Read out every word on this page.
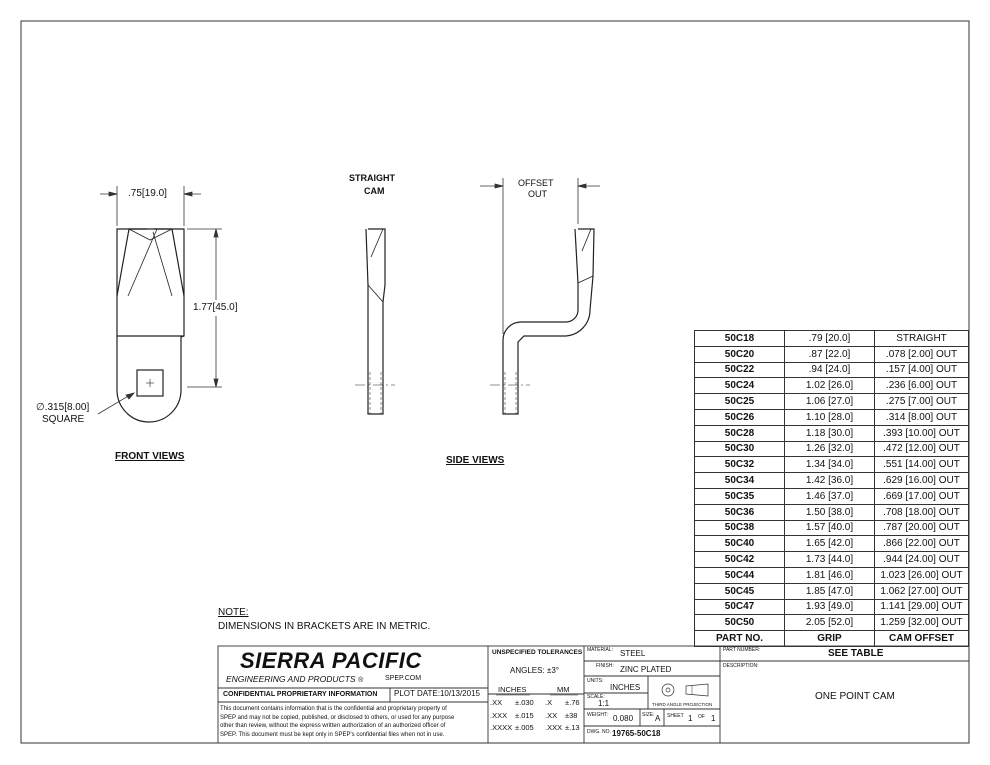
.75[19.0]
1.77[45.0]
∅.315[8.00]
SQUARE
FRONT VIEWS
STRAIGHT
CAM
OFFSET
OUT
SIDE VIEWS
NOTE:
DIMENSIONS IN BRACKETS ARE IN METRIC.
50C18	.79 [20.0]	STRAIGHT
50C20	.87 [22.0]	.078 [2.00] OUT
50C22	.94 [24.0]	.157 [4.00] OUT
50C24	1.02 [26.0]	.236 [6.00] OUT
50C25	1.06 [27.0]	.275 [7.00] OUT
50C26	1.10 [28.0]	.314 [8.00] OUT
50C28	1.18 [30.0]	.393 [10.00] OUT
50C30	1.26 [32.0]	.472 [12.00] OUT
50C32	1.34 [34.0]	.551 [14.00] OUT
50C34	1.42 [36.0]	.629 [16.00] OUT
50C35	1.46 [37.0]	.669 [17.00] OUT
50C36	1.50 [38.0]	.708 [18.00] OUT
50C38	1.57 [40.0]	.787 [20.00] OUT
50C40	1.65 [42.0]	.866 [22.00] OUT
50C42	1.73 [44.0]	.944 [24.00] OUT
50C44	1.81 [46.0]	1.023 [26.00] OUT
50C45	1.85 [47.0]	1.062 [27.00] OUT
50C47	1.93 [49.0]	1.141 [29.00] OUT
50C50	2.05 [52.0]	1.259 [32.00] OUT
PART NO.	GRIP	CAM OFFSET
SIERRA PACIFIC
ENGINEERING AND PRODUCTS ®	SPEP.COM
CONFIDENTIAL PROPRIETARY INFORMATION PLOT DATE:10/13/2015
This document contains information that is the confidential and proprietary property of
SPEP and may not be copied, published, or disclosed to others, or used for any purpose
other than review, without the express written authorization of an authorized officer of
SPEP. This document must be kept only in SPEP's confidential files when not in use.
UNSPECIFIED TOLERANCES
ANGLES: ±3°
INCHES	MM
.XX ±.030 .X ±.76
.XXX ±.015 .XX ±38
.XXXX ±.005 .XXX ±.13
MATERIAL: STEEL
FINISH: ZINC PLATED
UNITS:
INCHES
THIRD ANGLE PROJECTION
SCALE:
1:1
WEIGHT: 0.080 SIZE: A SHEET 1 OF 1
DWG. NO. 19765-50C18
PART NUMBER:	SEE TABLE
DESCRIPTION:
ONE POINT CAM
